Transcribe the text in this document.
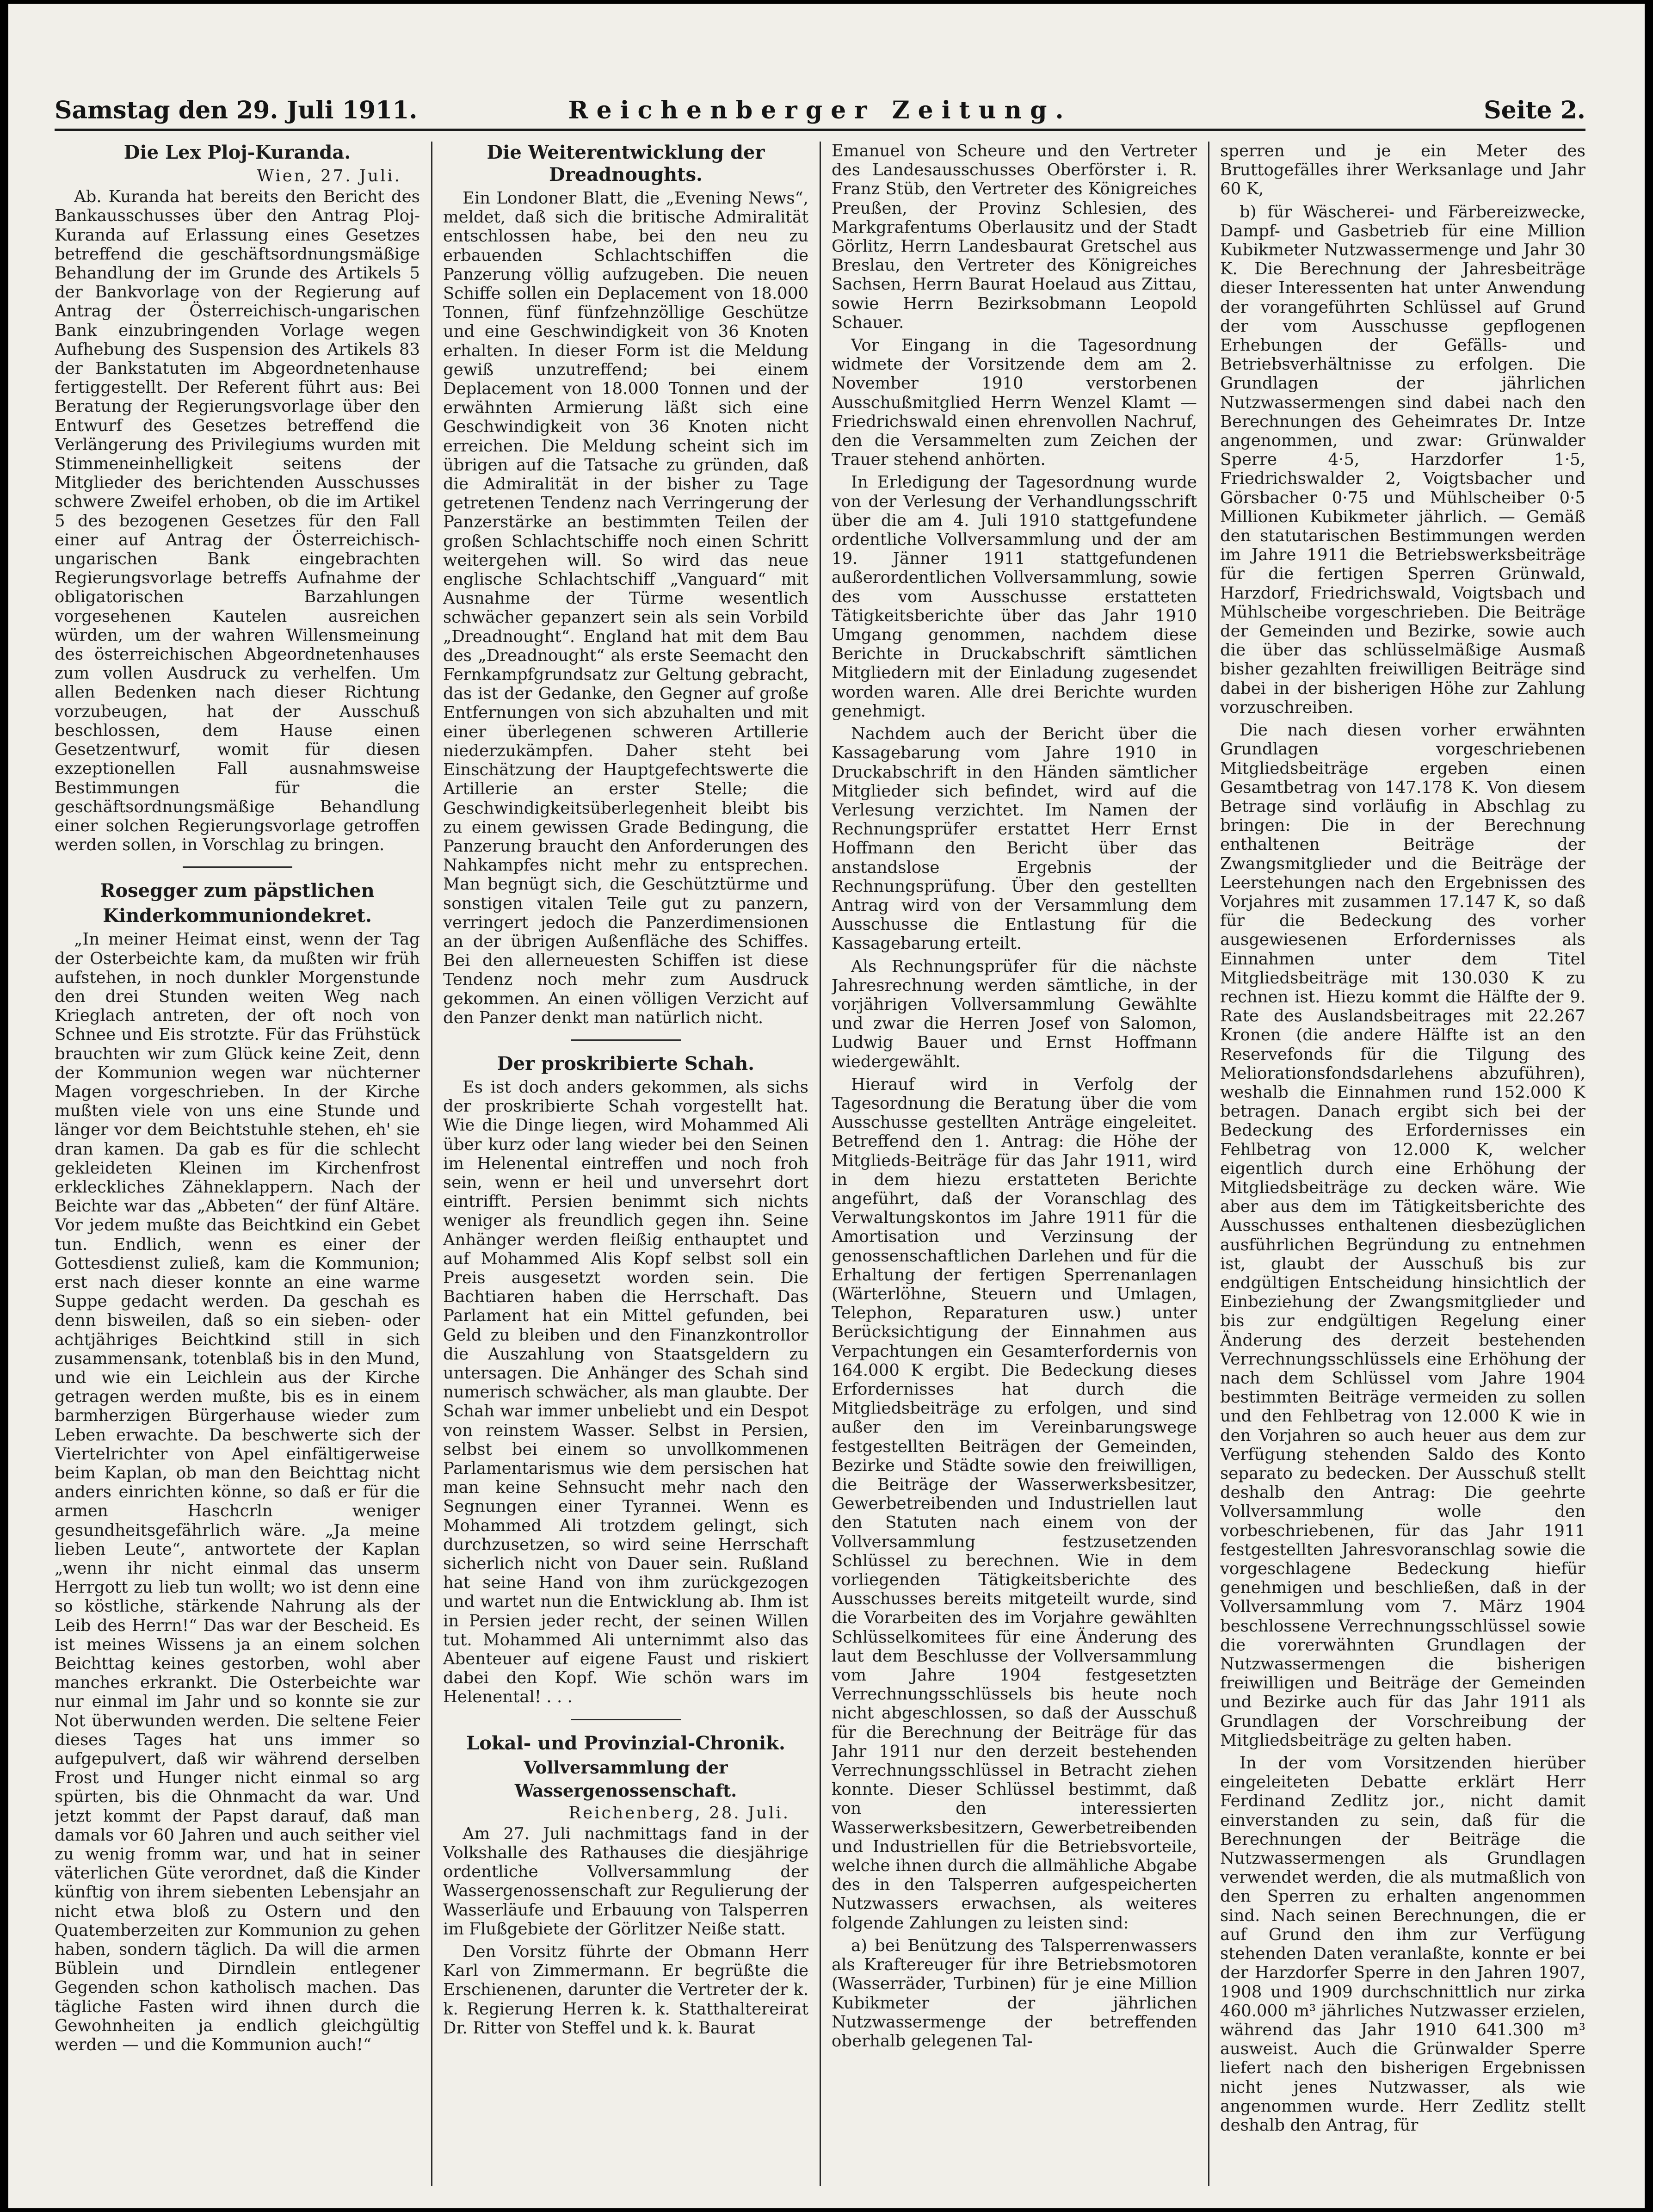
Samstag den 29. Juli 1911.	Reichenberger Zeitung.	Seite 2.
Die Lex Ploj-Kuranda.
Wien, 27. Juli.

Ab. Kuranda hat bereits den Bericht des Bankausschusses über den Antrag Ploj-Kuranda auf Erlassung eines Gesetzes betreffend die geschäftsordnungsmäßige Behandlung der im Grunde des Artikels 5 der Bankvorlage von der Regierung auf Antrag der Österreichisch-ungarischen Bank einzubringenden Vorlage wegen Aufhebung des Suspension des Artikels 83 der Bankstatuten im Abgeordnetenhause fertiggestellt. Der Referent führt aus: Bei Beratung der Regierungsvorlage über den Entwurf des Gesetzes betreffend die Verlängerung des Privilegiums wurden mit Stimmeneinhelligkeit seitens der Mitglieder des berichtenden Ausschusses schwere Zweifel erhoben, ob die im Artikel 5 des bezogenen Gesetzes für den Fall einer auf Antrag der Österreichisch-ungarischen Bank eingebrachten Regierungsvorlage betreffs Aufnahme der obligatorischen Barzahlungen vorgesehenen Kautelen ausreichen würden, um der wahren Willensmeinung des österreichischen Abgeordnetenhauses zum vollen Ausdruck zu verhelfen. Um allen Bedenken nach dieser Richtung vorzubeugen, hat der Ausschuß beschlossen, dem Hause einen Gesetzentwurf, womit für diesen exzeptionellen Fall ausnahmsweise Bestimmungen für die geschäftsordnungsmäßige Behandlung einer solchen Regierungsvorlage getroffen werden sollen, in Vorschlag zu bringen.

Rosegger zum päpstlichen
Kinderkommuniondekret.

„In meiner Heimat einst, wenn der Tag der Osterbeichte kam, da mußten wir früh aufstehen, in noch dunkler Morgenstunde den drei Stunden weiten Weg nach Krieglach antreten, der oft noch von Schnee und Eis strotzte. Für das Frühstück brauchten wir zum Glück keine Zeit, denn der Kommunion wegen war nüchterner Magen vorgeschrieben. In der Kirche mußten viele von uns eine Stunde und länger vor dem Beichtstuhle stehen, eh' sie dran kamen. Da gab es für die schlecht gekleideten Kleinen im Kirchenfrost erkleckliches Zähneklappern. Nach der Beichte war das „Abbeten“ der fünf Altäre. Vor jedem mußte das Beichtkind ein Gebet tun. Endlich, wenn es einer der Gottesdienst zuließ, kam die Kommunion; erst nach dieser konnte an eine warme Suppe gedacht werden. Da geschah es denn bisweilen, daß so ein sieben- oder achtjähriges Beichtkind still in sich zusammensank, totenblaß bis in den Mund, und wie ein Leichlein aus der Kirche getragen werden mußte, bis es in einem barmherzigen Bürgerhause wieder zum Leben erwachte. Da beschwerte sich der Viertelrichter von Apel einfältigerweise beim Kaplan, ob man den Beichttag nicht anders einrichten könne, so daß er für die armen Haschcrln weniger gesundheitsgefährlich wäre. „Ja meine lieben Leute“, antwortete der Kaplan „wenn ihr nicht einmal das unserm Herrgott zu lieb tun wollt; wo ist denn eine so köstliche, stärkende Nahrung als der Leib des Herrn!“ Das war der Bescheid. Es ist meines Wissens ja an einem solchen Beichttag keines gestorben, wohl aber manches erkrankt. Die Osterbeichte war nur einmal im Jahr und so konnte sie zur Not überwunden werden. Die seltene Feier dieses Tages hat uns immer so aufgepulvert, daß wir während derselben Frost und Hunger nicht einmal so arg spürten, bis die Ohnmacht da war. Und jetzt kommt der Papst darauf, daß man damals vor 60 Jahren und auch seither viel zu wenig fromm war, und hat in seiner väterlichen Güte verordnet, daß die Kinder künftig von ihrem siebenten Lebensjahr an nicht etwa bloß zu Ostern und den Quatemberzeiten zur Kommunion zu gehen haben, sondern täglich. Da will die armen Büblein und Dirndlein entlegener Gegenden schon katholisch machen. Das tägliche Fasten wird ihnen durch die Gewohnheiten ja endlich gleichgültig werden — und die Kommunion auch!“

Die Weiterentwicklung der Dreadnoughts.

Ein Londoner Blatt, die „Evening News“, meldet, daß sich die britische Admiralität entschlossen habe, bei den neu zu erbauenden Schlachtschiffen die Panzerung völlig aufzugeben. Die neuen Schiffe sollen ein Deplacement von 18.000 Tonnen, fünf fünfzehnzöllige Geschütze und eine Geschwindigkeit von 36 Knoten erhalten. In dieser Form ist die Meldung gewiß unzutreffend; bei einem Deplacement von 18.000 Tonnen und der erwähnten Armierung läßt sich eine Geschwindigkeit von 36 Knoten nicht erreichen. Die Meldung scheint sich im übrigen auf die Tatsache zu gründen, daß die Admiralität in der bisher zu Tage getretenen Tendenz nach Verringerung der Panzerstärke an bestimmten Teilen der großen Schlachtschiffe noch einen Schritt weitergehen will. So wird das neue englische Schlachtschiff „Vanguard“ mit Ausnahme der Türme wesentlich schwächer gepanzert sein als sein Vorbild „Dreadnought“. England hat mit dem Bau des „Dreadnought“ als erste Seemacht den Fernkampfgrundsatz zur Geltung gebracht, das ist der Gedanke, den Gegner auf große Entfernungen von sich abzuhalten und mit einer überlegenen schweren Artillerie niederzukämpfen. Daher steht bei Einschätzung der Hauptgefechtswerte die Artillerie an erster Stelle; die Geschwindigkeitsüberlegenheit bleibt bis zu einem gewissen Grade Bedingung, die Panzerung braucht den Anforderungen des Nahkampfes nicht mehr zu entsprechen. Man begnügt sich, die Geschütztürme und sonstigen vitalen Teile gut zu panzern, verringert jedoch die Panzerdimensionen an der übrigen Außenfläche des Schiffes. Bei den allerneuesten Schiffen ist diese Tendenz noch mehr zum Ausdruck gekommen. An einen völligen Verzicht auf den Panzer denkt man natürlich nicht.

Der proskribierte Schah.

Es ist doch anders gekommen, als sichs der proskribierte Schah vorgestellt hat. Wie die Dinge liegen, wird Mohammed Ali über kurz oder lang wieder bei den Seinen im Helenental eintreffen und noch froh sein, wenn er heil und unversehrt dort eintrifft. Persien benimmt sich nichts weniger als freundlich gegen ihn. Seine Anhänger werden fleißig enthauptet und auf Mohammed Alis Kopf selbst soll ein Preis ausgesetzt worden sein. Die Bachtiaren haben die Herrschaft. Das Parlament hat ein Mittel gefunden, bei Geld zu bleiben und den Finanzkontrollor die Auszahlung von Staatsgeldern zu untersagen. Die Anhänger des Schah sind numerisch schwächer, als man glaubte. Der Schah war immer unbeliebt und ein Despot von reinstem Wasser. Selbst in Persien, selbst bei einem so unvollkommenen Parlamentarismus wie dem persischen hat man keine Sehnsucht mehr nach den Segnungen einer Tyrannei. Wenn es Mohammed Ali trotzdem gelingt, sich durchzusetzen, so wird seine Herrschaft sicherlich nicht von Dauer sein. Rußland hat seine Hand von ihm zurückgezogen und wartet nun die Entwicklung ab. Ihm ist in Persien jeder recht, der seinen Willen tut. Mohammed Ali unternimmt also das Abenteuer auf eigene Faust und riskiert dabei den Kopf. Wie schön wars im Helenental! . . .

Lokal- und Provinzial-Chronik.
Vollversammlung der
Wassergenossenschaft.
Reichenberg, 28. Juli.

Am 27. Juli nachmittags fand in der Volkshalle des Rathauses die diesjährige ordentliche Vollversammlung der Wassergenossenschaft zur Regulierung der Wasserläufe und Erbauung von Talsperren im Flußgebiete der Görlitzer Neiße statt.

Den Vorsitz führte der Obmann Herr Karl von Zimmermann. Er begrüßte die Erschienenen, darunter die Vertreter der k. k. Regierung Herren k. k. Statthaltereirat Dr. Ritter von Steffel und k. k. Baurat

Emanuel von Scheure und den Vertreter des Landesausschusses Oberförster i. R. Franz Stüb, den Vertreter des Königreiches Preußen, der Provinz Schlesien, des Markgrafentums Oberlausitz und der Stadt Görlitz, Herrn Landesbaurat Gretschel aus Breslau, den Vertreter des Königreiches Sachsen, Herrn Baurat Hoelaud aus Zittau, sowie Herrn Bezirksobmann Leopold Schauer.

Vor Eingang in die Tagesordnung widmete der Vorsitzende dem am 2. November 1910 verstorbenen Ausschußmitglied Herrn Wenzel Klamt — Friedrichswald einen ehrenvollen Nachruf, den die Versammelten zum Zeichen der Trauer stehend anhörten.

In Erledigung der Tagesordnung wurde von der Verlesung der Verhandlungsschrift über die am 4. Juli 1910 stattgefundene ordentliche Vollversammlung und der am 19. Jänner 1911 stattgefundenen außerordentlichen Vollversammlung, sowie des vom Ausschusse erstatteten Tätigkeitsberichte über das Jahr 1910 Umgang genommen, nachdem diese Berichte in Druckabschrift sämtlichen Mitgliedern mit der Einladung zugesendet worden waren. Alle drei Berichte wurden genehmigt.

Nachdem auch der Bericht über die Kassagebarung vom Jahre 1910 in Druckabschrift in den Händen sämtlicher Mitglieder sich befindet, wird auf die Verlesung verzichtet. Im Namen der Rechnungsprüfer erstattet Herr Ernst Hoffmann den Bericht über das anstandslose Ergebnis der Rechnungsprüfung. Über den gestellten Antrag wird von der Versammlung dem Ausschusse die Entlastung für die Kassagebarung erteilt.

Als Rechnungsprüfer für die nächste Jahresrechnung werden sämtliche, in der vorjährigen Vollversammlung Gewählte und zwar die Herren Josef von Salomon, Ludwig Bauer und Ernst Hoffmann wiedergewählt.

Hierauf wird in Verfolg der Tagesordnung die Beratung über die vom Ausschusse gestellten Anträge eingeleitet. Betreffend den 1. Antrag: die Höhe der Mitglieds-Beiträge für das Jahr 1911, wird in dem hiezu erstatteten Berichte angeführt, daß der Voranschlag des Verwaltungskontos im Jahre 1911 für die Amortisation und Verzinsung der genossenschaftlichen Darlehen und für die Erhaltung der fertigen Sperrenanlagen (Wärterlöhne, Steuern und Umlagen, Telephon, Reparaturen usw.) unter Berücksichtigung der Einnahmen aus Verpachtungen ein Gesamterfordernis von 164.000 K ergibt. Die Bedeckung dieses Erfordernisses hat durch die Mitgliedsbeiträge zu erfolgen, und sind außer den im Vereinbarungswege festgestellten Beiträgen der Gemeinden, Bezirke und Städte sowie den freiwilligen, die Beiträge der Wasserwerksbesitzer, Gewerbetreibenden und Industriellen laut den Statuten nach einem von der Vollversammlung festzusetzenden Schlüssel zu berechnen. Wie in dem vorliegenden Tätigkeitsberichte des Ausschusses bereits mitgeteilt wurde, sind die Vorarbeiten des im Vorjahre gewählten Schlüsselkomitees für eine Änderung des laut dem Beschlusse der Vollversammlung vom Jahre 1904 festgesetzten Verrechnungsschlüssels bis heute noch nicht abgeschlossen, so daß der Ausschuß für die Berechnung der Beiträge für das Jahr 1911 nur den derzeit bestehenden Verrechnungsschlüssel in Betracht ziehen konnte. Dieser Schlüssel bestimmt, daß von den interessierten Wasserwerksbesitzern, Gewerbetreibenden und Industriellen für die Betriebsvorteile, welche ihnen durch die allmähliche Abgabe des in den Talsperren aufgespeicherten Nutzwassers erwachsen, als weiteres folgende Zahlungen zu leisten sind:

a) bei Benützung des Talsperrenwassers als Kraftereuger für ihre Betriebsmotoren (Wasserräder, Turbinen) für je eine Million Kubikmeter der jährlichen Nutzwassermenge der betreffenden oberhalb gelegenen Tal-

sperren und je ein Meter des Bruttogefälles ihrer Werksanlage und Jahr 60 K,

b) für Wäscherei- und Färbereizwecke, Dampf- und Gasbetrieb für eine Million Kubikmeter Nutzwassermenge und Jahr 30 K. Die Berechnung der Jahresbeiträge dieser Interessenten hat unter Anwendung der vorangeführten Schlüssel auf Grund der vom Ausschusse gepflogenen Erhebungen der Gefälls- und Betriebsverhältnisse zu erfolgen. Die Grundlagen der jährlichen Nutzwassermengen sind dabei nach den Berechnungen des Geheimrates Dr. Intze angenommen, und zwar: Grünwalder Sperre 4·5, Harzdorfer 1·5, Friedrichswalder 2, Voigtsbacher und Görsbacher 0·75 und Mühlscheiber 0·5 Millionen Kubikmeter jährlich. — Gemäß den statutarischen Bestimmungen werden im Jahre 1911 die Betriebswerksbeiträge für die fertigen Sperren Grünwald, Harzdorf, Friedrichswald, Voigtsbach und Mühlscheibe vorgeschrieben. Die Beiträge der Gemeinden und Bezirke, sowie auch die über das schlüsselmäßige Ausmaß bisher gezahlten freiwilligen Beiträge sind dabei in der bisherigen Höhe zur Zahlung vorzuschreiben.

Die nach diesen vorher erwähnten Grundlagen vorgeschriebenen Mitgliedsbeiträge ergeben einen Gesamtbetrag von 147.178 K. Von diesem Betrage sind vorläufig in Abschlag zu bringen: Die in der Berechnung enthaltenen Beiträge der Zwangsmitglieder und die Beiträge der Leerstehungen nach den Ergebnissen des Vorjahres mit zusammen 17.147 K, so daß für die Bedeckung des vorher ausgewiesenen Erfordernisses als Einnahmen unter dem Titel Mitgliedsbeiträge mit 130.030 K zu rechnen ist. Hiezu kommt die Hälfte der 9. Rate des Auslandsbeitrages mit 22.267 Kronen (die andere Hälfte ist an den Reservefonds für die Tilgung des Meliorationsfondsdarlehens abzuführen), weshalb die Einnahmen rund 152.000 K betragen. Danach ergibt sich bei der Bedeckung des Erfordernisses ein Fehlbetrag von 12.000 K, welcher eigentlich durch eine Erhöhung der Mitgliedsbeiträge zu decken wäre. Wie aber aus dem im Tätigkeitsberichte des Ausschusses enthaltenen diesbezüglichen ausführlichen Begründung zu entnehmen ist, glaubt der Ausschuß bis zur endgültigen Entscheidung hinsichtlich der Einbeziehung der Zwangsmitglieder und bis zur endgültigen Regelung einer Änderung des derzeit bestehenden Verrechnungsschlüssels eine Erhöhung der nach dem Schlüssel vom Jahre 1904 bestimmten Beiträge vermeiden zu sollen und den Fehlbetrag von 12.000 K wie in den Vorjahren so auch heuer aus dem zur Verfügung stehenden Saldo des Konto separato zu bedecken. Der Ausschuß stellt deshalb den Antrag: Die geehrte Vollversammlung wolle den vorbeschriebenen, für das Jahr 1911 festgestellten Jahresvoranschlag sowie die vorgeschlagene Bedeckung hiefür genehmigen und beschließen, daß in der Vollversammlung vom 7. März 1904 beschlossene Verrechnungsschlüssel sowie die vorerwähnten Grundlagen der Nutzwassermengen die bisherigen freiwilligen und Beiträge der Gemeinden und Bezirke auch für das Jahr 1911 als Grundlagen der Vorschreibung der Mitgliedsbeiträge zu gelten haben.

In der vom Vorsitzenden hierüber eingeleiteten Debatte erklärt Herr Ferdinand Zedlitz jor., nicht damit einverstanden zu sein, daß für die Berechnungen der Beiträge die Nutzwassermengen als Grundlagen verwendet werden, die als mutmaßlich von den Sperren zu erhalten angenommen sind. Nach seinen Berechnungen, die er auf Grund den ihm zur Verfügung stehenden Daten veranlaßte, konnte er bei der Harzdorfer Sperre in den Jahren 1907, 1908 und 1909 durchschnittlich nur zirka 460.000 m³ jährliches Nutzwasser erzielen, während das Jahr 1910 641.300 m³ ausweist. Auch die Grünwalder Sperre liefert nach den bisherigen Ergebnissen nicht jenes Nutzwasser, als wie angenommen wurde. Herr Zedlitz stellt deshalb den Antrag, für
